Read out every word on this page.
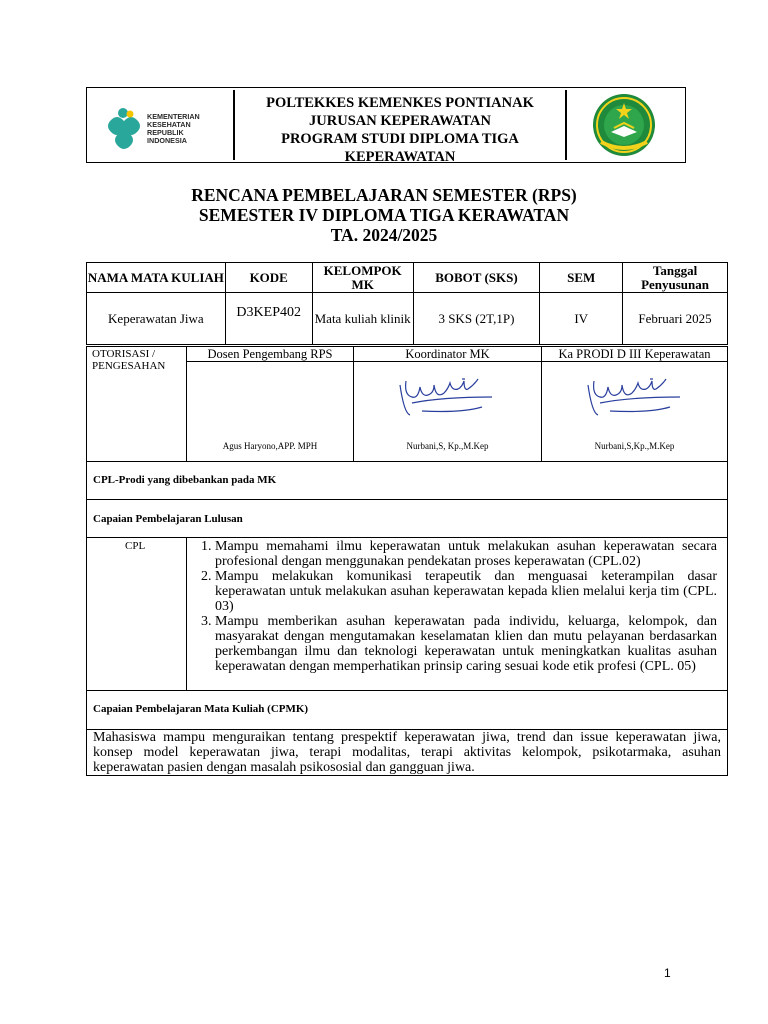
KEMENTERIAN
KESEHATAN
REPUBLIK
INDONESIA
POLTEKKES KEMENKES PONTIANAK
JURUSAN KEPERAWATAN
PROGRAM STUDI DIPLOMA TIGA
KEPERAWATAN
RENCANA PEMBELAJARAN SEMESTER (RPS)
SEMESTER IV DIPLOMA TIGA KERAWATAN
TA. 2024/2025
NAMA MATA KULIAH	KODE	KELOMPOK MK	BOBOT (SKS)	SEM	Tanggal Penyusunan
Keperawatan Jiwa	D3KEP402	Mata kuliah klinik	3 SKS (2T,1P)	IV	Februari 2025
OTORISASI / PENGESAHAN
Dosen Pengembang RPS	Koordinator MK	Ka PRODI D III Keperawatan
Agus Haryono,APP. MPH	Nurbani,S, Kp.,M.Kep	Nurbani,S,Kp.,M.Kep
CPL-Prodi yang dibebankan pada MK
Capaian Pembelajaran Lulusan
CPL	1. Mampu memahami ilmu keperawatan untuk melakukan asuhan keperawatan secara profesional dengan menggunakan pendekatan proses keperawatan (CPL.02)
2. Mampu melakukan komunikasi terapeutik dan menguasai keterampilan dasar keperawatan untuk melakukan asuhan keperawatan kepada klien melalui kerja tim (CPL. 03)
3. Mampu memberikan asuhan keperawatan pada individu, keluarga, kelompok, dan masyarakat dengan mengutamakan keselamatan klien dan mutu pelayanan berdasarkan perkembangan ilmu dan teknologi keperawatan untuk meningkatkan kualitas asuhan keperawatan dengan memperhatikan prinsip caring sesuai kode etik profesi (CPL. 05)
Capaian Pembelajaran Mata Kuliah (CPMK)
Mahasiswa mampu menguraikan tentang prespektif keperawatan jiwa, trend dan issue keperawatan jiwa, konsep model keperawatan jiwa, terapi modalitas, terapi aktivitas kelompok, psikotarmaka, asuhan keperawatan pasien dengan masalah psikososial dan gangguan jiwa.
1
